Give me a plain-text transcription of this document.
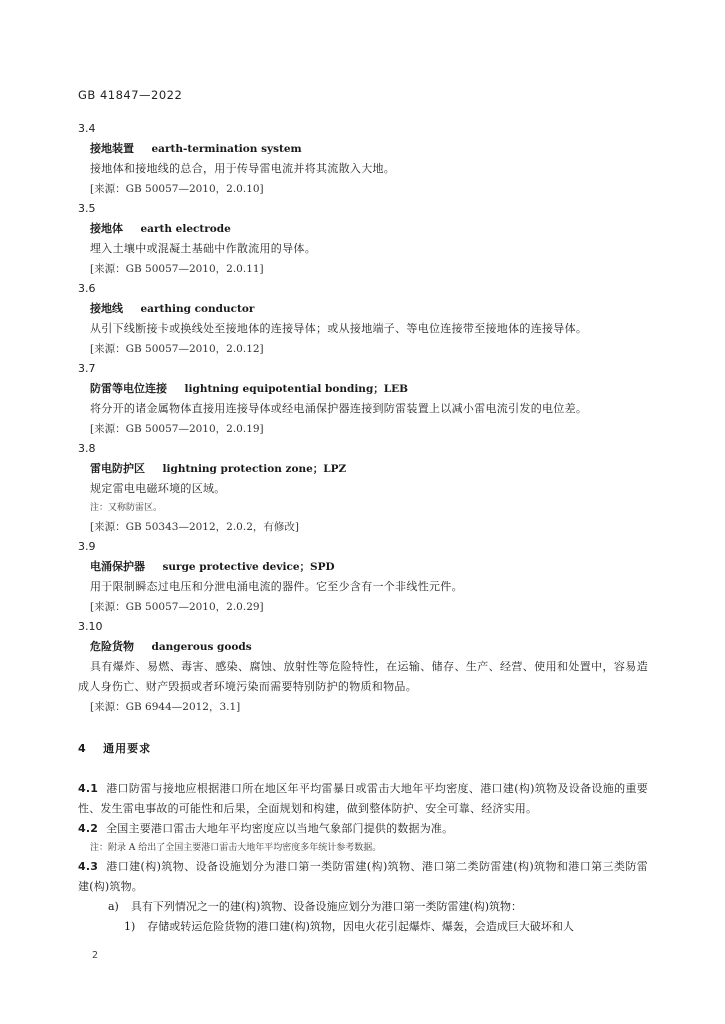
GB 41847—2022
3.4
接地装置 earth-termination system
接地体和接地线的总合，用于传导雷电流并将其流散入大地。
[来源：GB 50057—2010，2.0.10]
3.5
接地体 earth electrode
埋入土壤中或混凝土基础中作散流用的导体。
[来源：GB 50057—2010，2.0.11]
3.6
接地线 earthing conductor
从引下线断接卡或换线处至接地体的连接导体；或从接地端子、等电位连接带至接地体的连接导体。
[来源：GB 50057—2010，2.0.12]
3.7
防雷等电位连接 lightning equipotential bonding；LEB
将分开的诸金属物体直接用连接导体或经电涌保护器连接到防雷装置上以减小雷电流引发的电位差。
[来源：GB 50057—2010，2.0.19]
3.8
雷电防护区 lightning protection zone；LPZ
规定雷电电磁环境的区域。
注：又称防雷区。
[来源：GB 50343—2012，2.0.2，有修改]
3.9
电涌保护器 surge protective device；SPD
用于限制瞬态过电压和分泄电涌电流的器件。它至少含有一个非线性元件。
[来源：GB 50057—2010，2.0.29]
3.10
危险货物 dangerous goods
具有爆炸、易燃、毒害、感染、腐蚀、放射性等危险特性，在运输、储存、生产、经营、使用和处置中，容易造成人身伤亡、财产毁损或者环境污染而需要特别防护的物质和物品。
[来源：GB 6944—2012，3.1]
4 通用要求
4.1 港口防雷与接地应根据港口所在地区年平均雷暴日或雷击大地年平均密度、港口建(构)筑物及设备设施的重要性、发生雷电事故的可能性和后果，全面规划和构建，做到整体防护、安全可靠、经济实用。
4.2 全国主要港口雷击大地年平均密度应以当地气象部门提供的数据为准。
注：附录 A 给出了全国主要港口雷击大地年平均密度多年统计参考数据。
4.3 港口建(构)筑物、设备设施划分为港口第一类防雷建(构)筑物、港口第二类防雷建(构)筑物和港口第三类防雷建(构)筑物。
a) 具有下列情况之一的建(构)筑物、设备设施应划分为港口第一类防雷建(构)筑物：
1) 存储或转运危险货物的港口建(构)筑物，因电火花引起爆炸、爆轰，会造成巨大破坏和人
2
